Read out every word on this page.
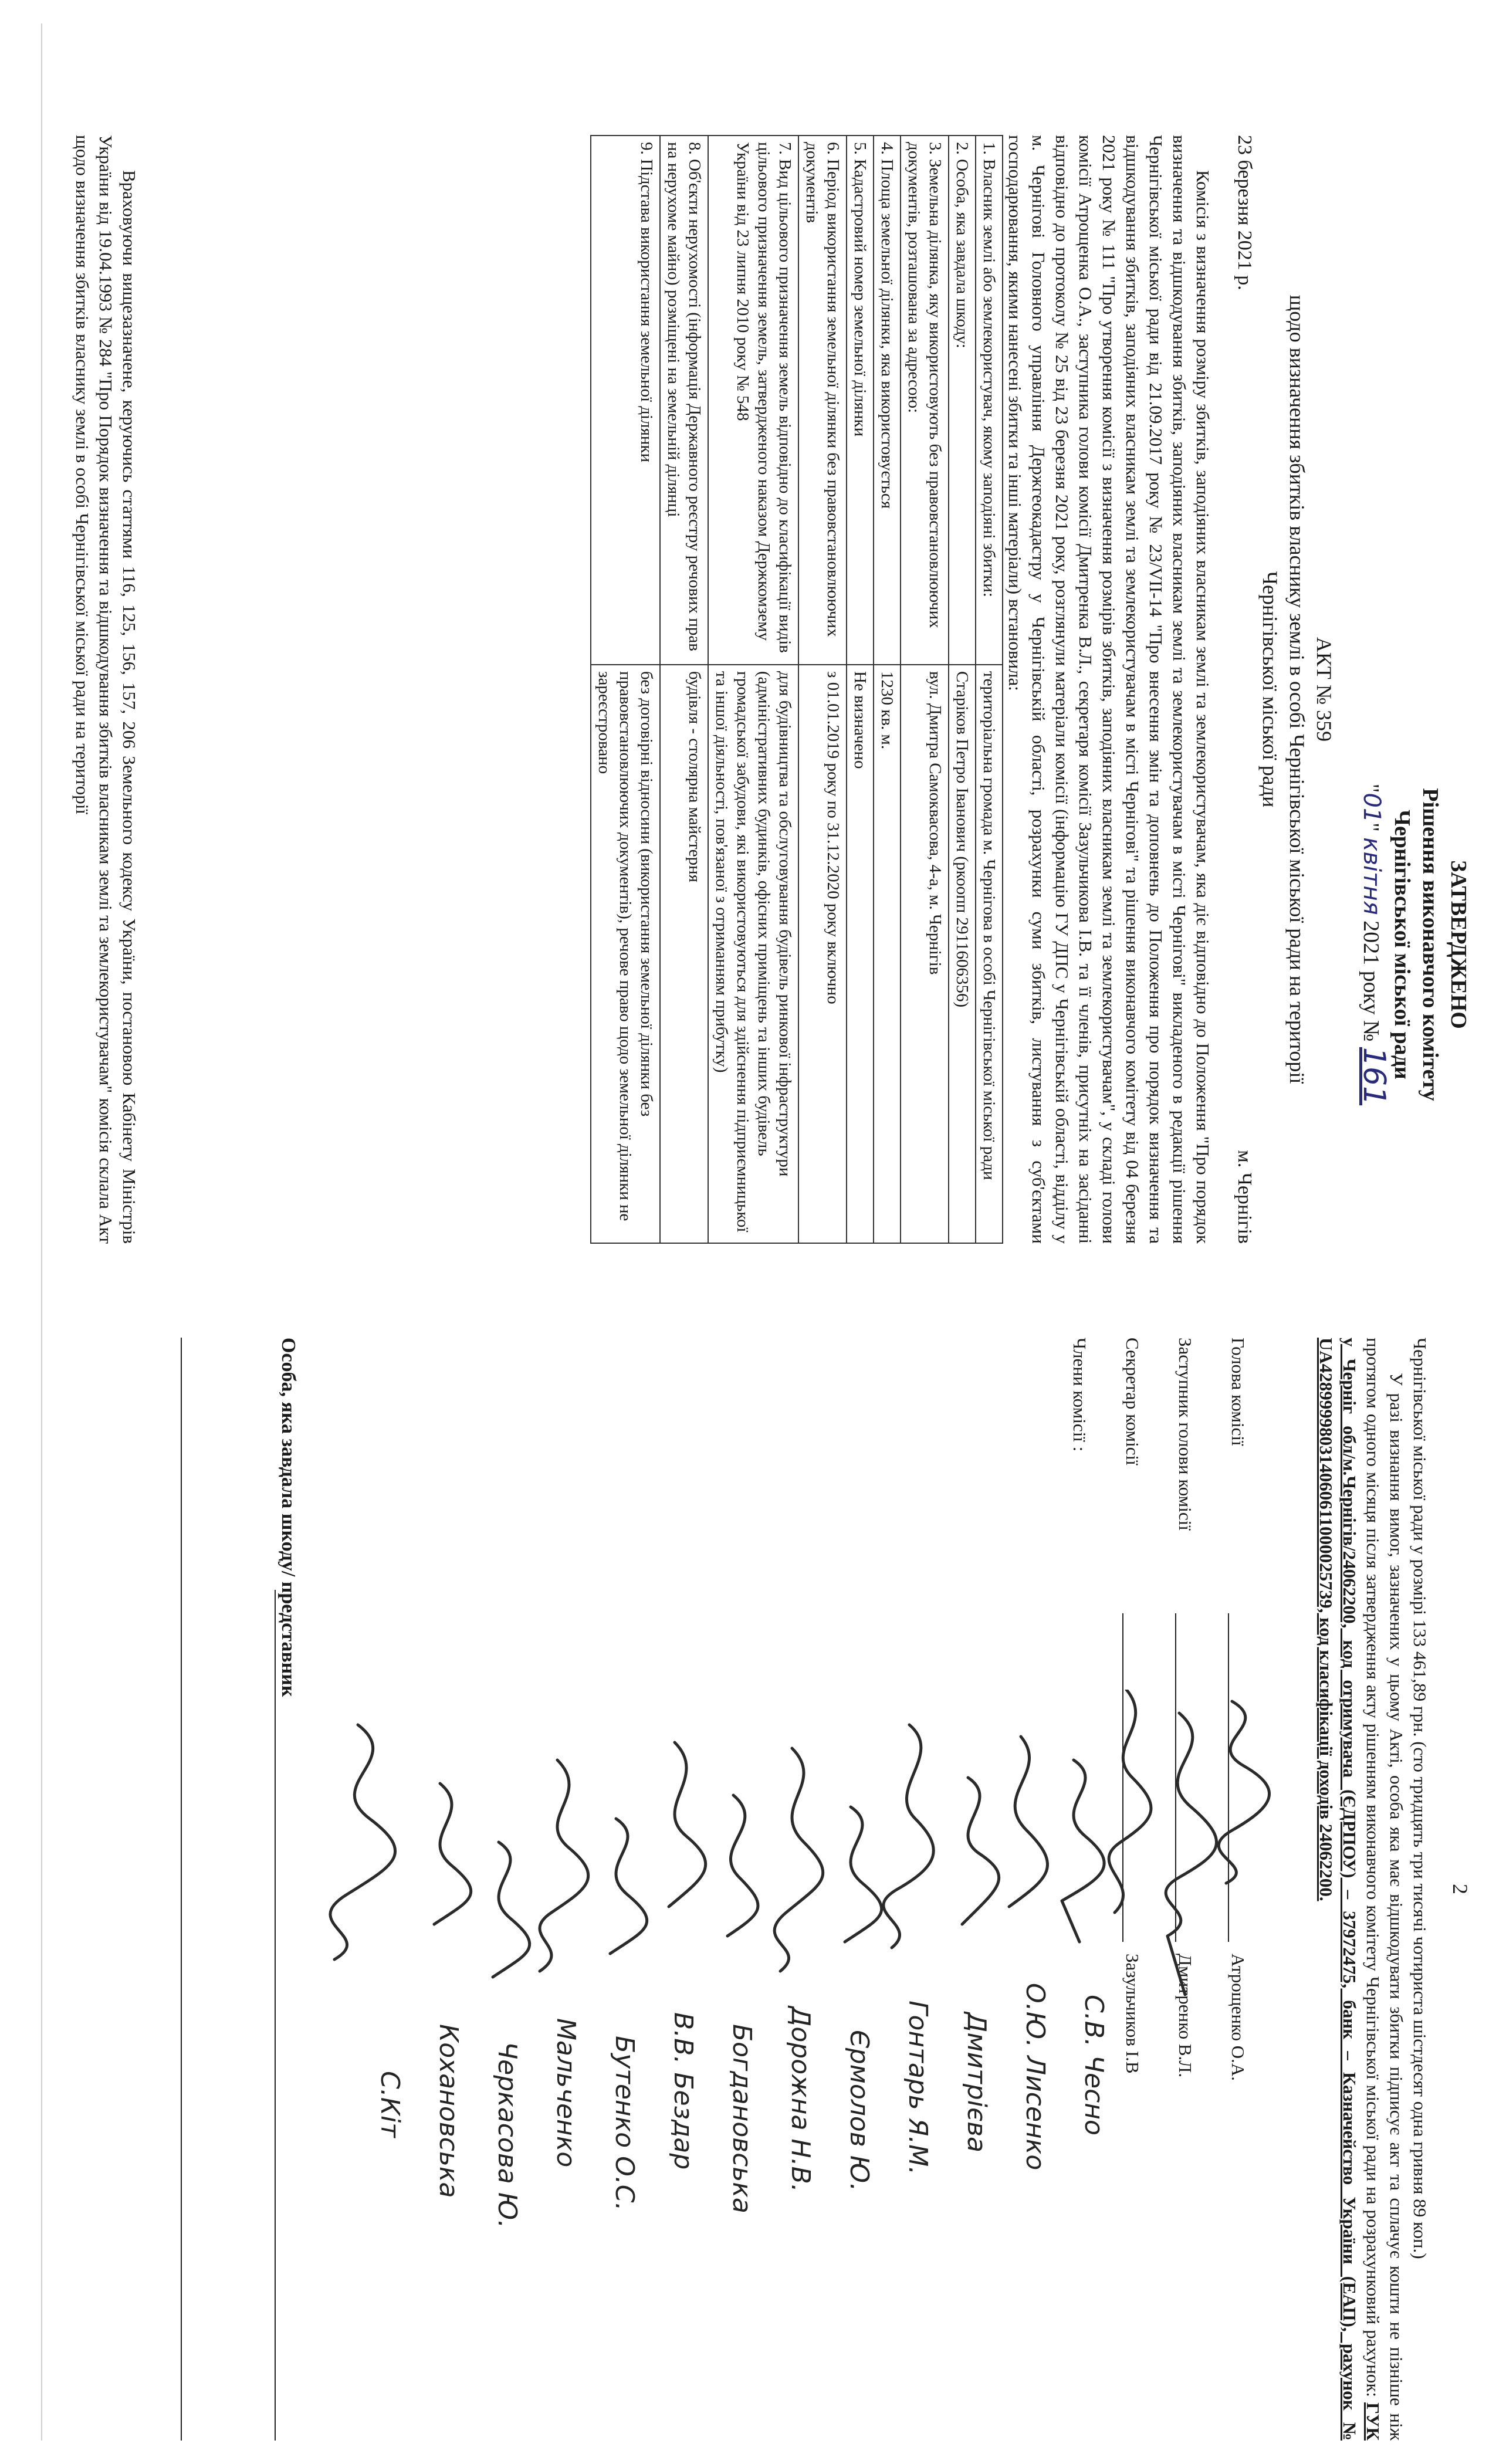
ЗАТВЕРДЖЕНО
Рішення виконавчого комітету
Чернігівської міської ради
"01" квітня 2021 року № 161
АКТ № 359
щодо визначення збитків власнику землі в особі Чернігівської міської ради на території
Чернігівської міської ради
23 березня 2021 р.
м. Чернігів
Комісія з визначення розміру збитків, заподіяних власникам землі та землекористувачам, яка діє відповідно до Положення "Про порядок визначення та відшкодування збитків, заподіяних власникам землі та землекористувачам в місті Чернігові" викладеного в редакції рішення Чернігівської міської ради від 21.09.2017 року № 23/VII-14 "Про внесення змін та доповнень до Положення про порядок визначення та відшкодування збитків, заподіяних власникам землі та землекористувачам в місті Чернігові" та рішення виконавчого комітету від 04 березня 2021 року № 111 "Про утворення комісії з визначення розмірів збитків, заподіяних власникам землі та землекористувачам", у складі голови комісії Атрощенка О.А., заступника голови комісії Дмитренка В.Л., секретаря комісії Зазульчикова І.В. та її членів, присутніх на засіданні відповідно до протоколу № 25 від 23 березня 2021 року, розглянули матеріали комісії (інформацію ГУ ДПС у Чернігівській області, відділу у м. Чернігові Головного управління Держгеокадастру у Чернігівській області, розрахунки суми збитків, листування з суб'єктами господарювання, якими нанесені збитки та інші матеріали) встановила:
1. Власник землі або землекористувач, якому заподіяні збитки:	територіальна громада м. Чернігова в особі Чернігівської міської ради
2. Особа, яка завдала шкоду:	Старіков Петро Іванович (ркоопп 2911606356)
3. Земельна ділянка, яку використовують без правовстановлюючих документів, розташована за адресою:	вул. Дмитра Самоквасова, 4-а, м. Чернігів
4. Площа земельної ділянки, яка використовується	1230 кв. м.
5. Кадастровий номер земельної ділянки	Не визначено
6. Період використання земельної ділянки без правовстановлюючих документів	з 01.01.2019 року по 31.12.2020 року включно
7. Вид цільового призначення земель відповідно до класифікації видів цільового призначення земель, затвердженого наказом Держкомзему України від 23 липня 2010 року № 548	для будівництва та обслуговування будівель ринкової інфраструктури (адміністративних будинків, офісних приміщень та інших будівель громадської забудови, які використовуються для здійснення підприємницької та іншої діяльності, пов'язаної з отриманням прибутку)
8. Об'єкти нерухомості (інформація Державного реєстру речових прав на нерухоме майно) розміщені на земельній ділянці	будівля - столярна майстерня
9. Підстава використання земельної ділянки	без договірні відносини (використання земельної ділянки без правовстановлюючих документів), речове право щодо земельної ділянки не зареєстровано
Враховуючи вищезазначене, керуючись статтями 116, 125, 156, 157, 206 Земельного кодексу України, постановою Кабінету Міністрів України від 19.04.1993 № 284 "Про Порядок визначення та відшкодування збитків власникам землі та землекористувачам" комісія склала Акт щодо визначення збитків власнику землі в особі Чернігівської міської ради на території
2

Чернігівської міської ради у розмірі 133 461,89 грн. (сто тридцять три тисячі чотириста шістдесят одна гривня 89 коп.)

У разі визнання вимог, зазначених у цьому Акті, особа яка має відшкодувати збитки підписує акт та сплачує кошти не пізніше ніж протягом одного місяця після затвердження акту рішенням виконавчого комітету Чернігівської міської ради на розрахунковий рахунок: ГУК у Черніг обл/м.Чернігів/24062200, код отримувача (ЄДРПОУ) – 37972475, банк – Казначейство України (ЕАП), рахунок № UA428999980314060611000025739, код класифікації доходів 24062200.

Голова комісії
Атрощенко О.А.
Заступник голови комісії
Дмитренко В.Л.
Секретар комісії
Зазульчиков І.В
Члени комісії :
С.В. Чесно
О.Ю. Лисенко
Дмитрієва
Гонтарь Я.М.
Єрмолов Ю.
Дорожна Н.В.
Богдановська
В.В. Бездар
Бутенко О.С.
Мальченко
Черкасова Ю.
Кохановська
С.Кіт
Особа, яка завдала шкоду/ представник
